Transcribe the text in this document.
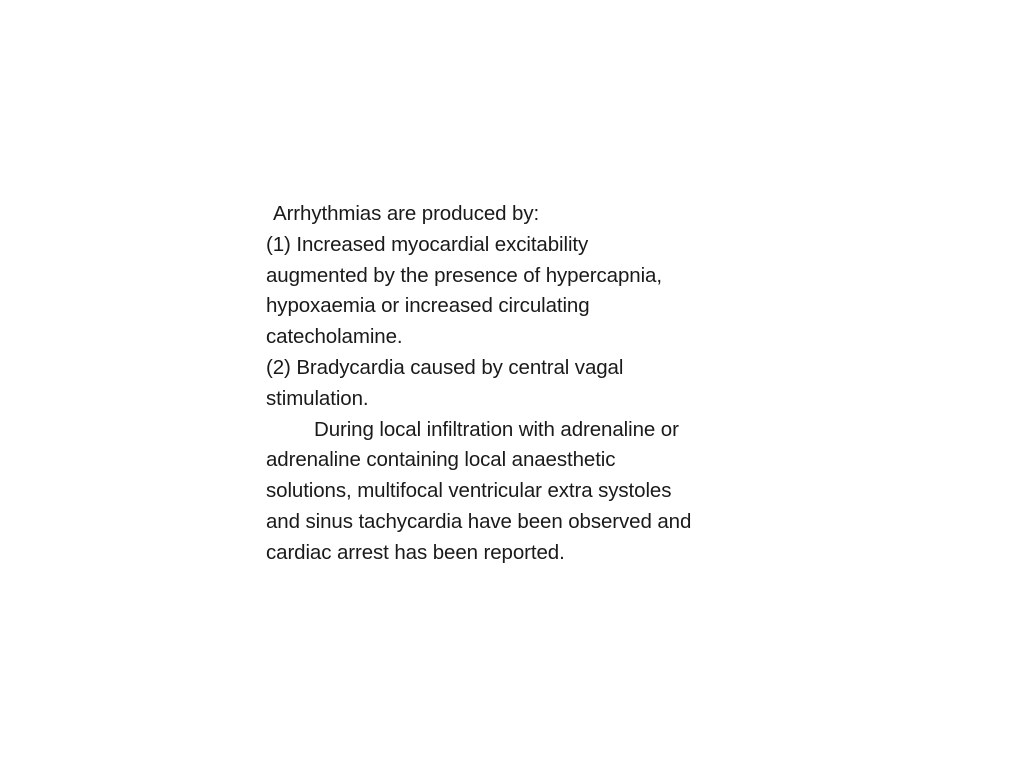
Arrhythmias are produced by:
(1) Increased myocardial excitability
augmented by the presence of hypercapnia,
hypoxaemia or increased circulating
catecholamine.
(2) Bradycardia caused by central vagal
stimulation.
During local infiltration with adrenaline or
adrenaline containing local anaesthetic
solutions, multifocal ventricular extra systoles
and sinus tachycardia have been observed and
cardiac arrest has been reported.
